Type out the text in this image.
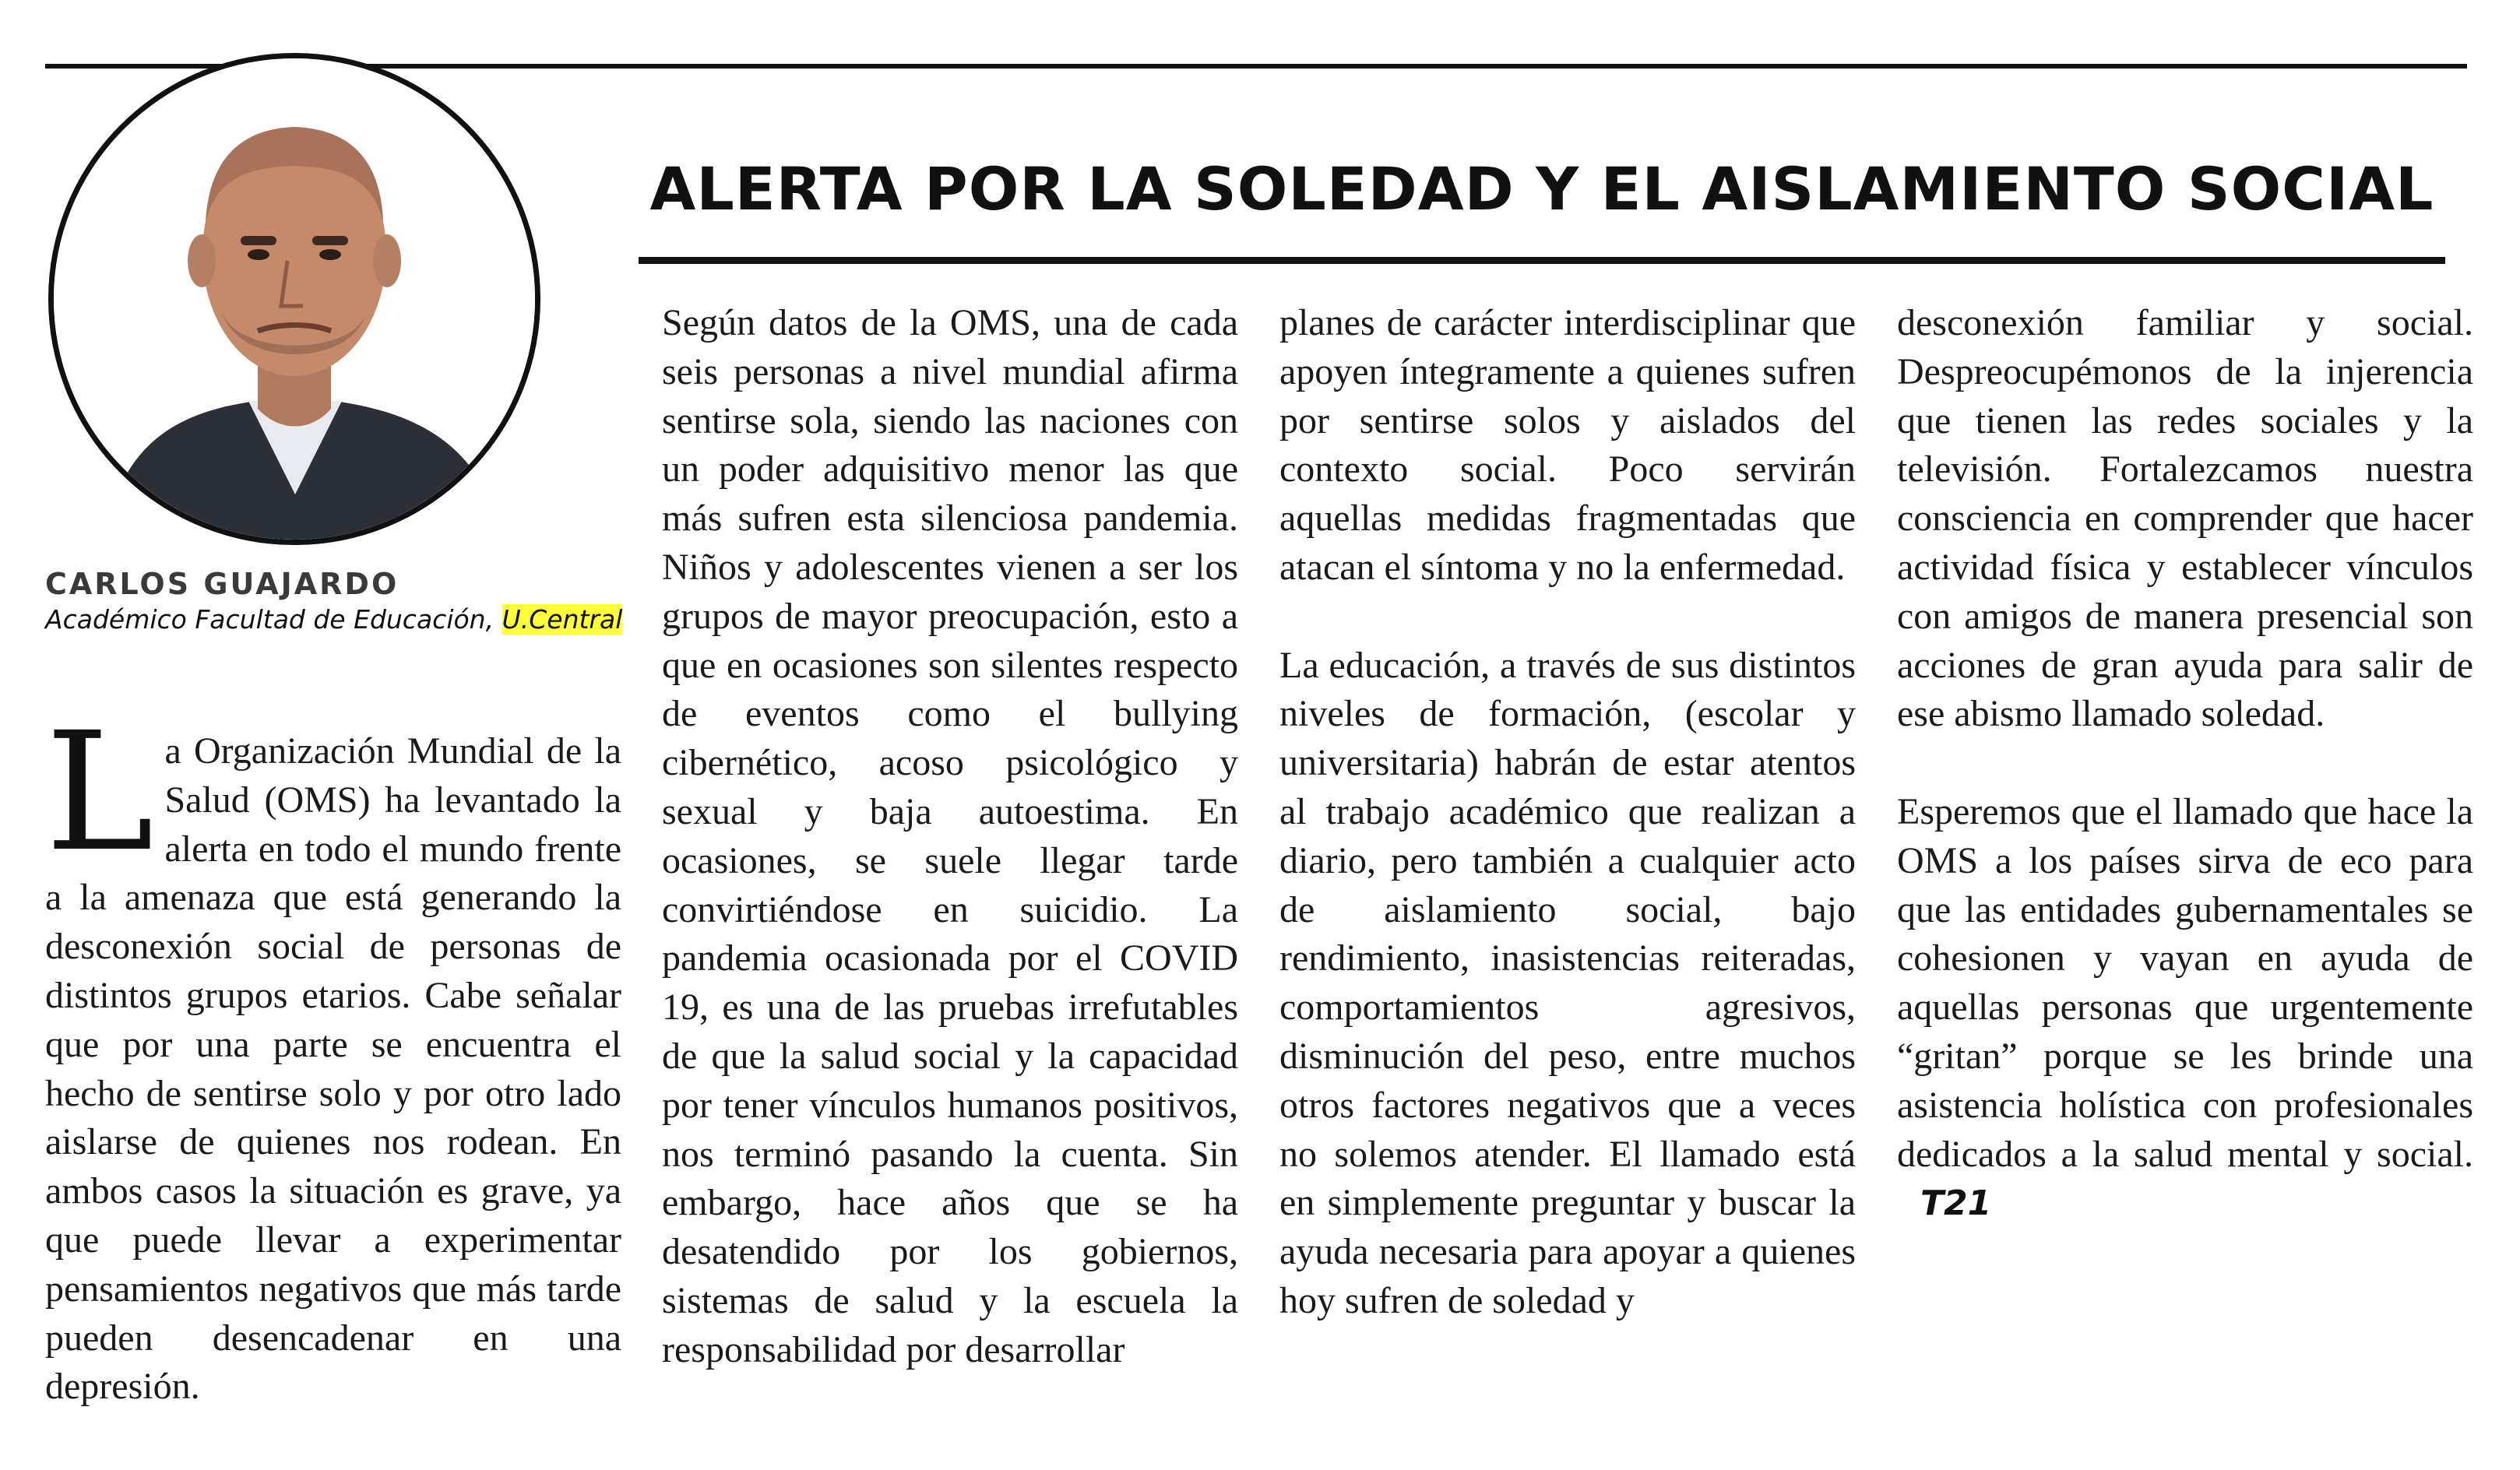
CARLOS GUAJARDO
Académico Facultad de Educación, U.Central
ALERTA POR LA SOLEDAD Y EL AISLAMIENTO SOCIAL

La Organización Mundial de la Salud (OMS) ha levantado la alerta en todo el mundo frente a la amenaza que está generando la desconexión social de personas de distintos grupos etarios. Cabe señalar que por una parte se encuentra el hecho de sentirse solo y por otro lado aislarse de quienes nos rodean. En ambos casos la situación es grave, ya que puede llevar a experimentar pensamientos negativos que más tarde pueden desencadenar en una depresión.

Según datos de la OMS, una de cada seis personas a nivel mundial afirma sentirse sola, siendo las naciones con un poder adquisitivo menor las que más sufren esta silenciosa pandemia. Niños y adolescentes vienen a ser los grupos de mayor preocupación, esto a que en ocasiones son silentes respecto de eventos como el bullying cibernético, acoso psicológico y sexual y baja autoestima. En ocasiones, se suele llegar tarde convirtiéndose en suicidio. La pandemia ocasionada por el COVID 19, es una de las pruebas irrefutables de que la salud social y la capacidad por tener vínculos humanos positivos, nos terminó pasando la cuenta. Sin embargo, hace años que se ha desatendido por los gobiernos, sistemas de salud y la escuela la responsabilidad por desarrollar

planes de carácter interdisciplinar que apoyen íntegramente a quienes sufren por sentirse solos y aislados del contexto social. Poco servirán aquellas medidas fragmentadas que atacan el síntoma y no la enfermedad.

La educación, a través de sus distintos niveles de formación, (escolar y universitaria) habrán de estar atentos al trabajo académico que realizan a diario, pero también a cualquier acto de aislamiento social, bajo rendimiento, inasistencias reiteradas, comportamientos agresivos, disminución del peso, entre muchos otros factores negativos que a veces no solemos atender. El llamado está en simplemente preguntar y buscar la ayuda necesaria para apoyar a quienes hoy sufren de soledad y

desconexión familiar y social. Despreocupémonos de la injerencia que tienen las redes sociales y la televisión. Fortalezcamos nuestra consciencia en comprender que hacer actividad física y establecer vínculos con amigos de manera presencial son acciones de gran ayuda para salir de ese abismo llamado soledad.

Esperemos que el llamado que hace la OMS a los países sirva de eco para que las entidades gubernamentales se cohesionen y vayan en ayuda de aquellas personas que urgentemente “gritan” porque se les brinde una asistencia holística con profesionales dedicados a la salud mental y social.T21
